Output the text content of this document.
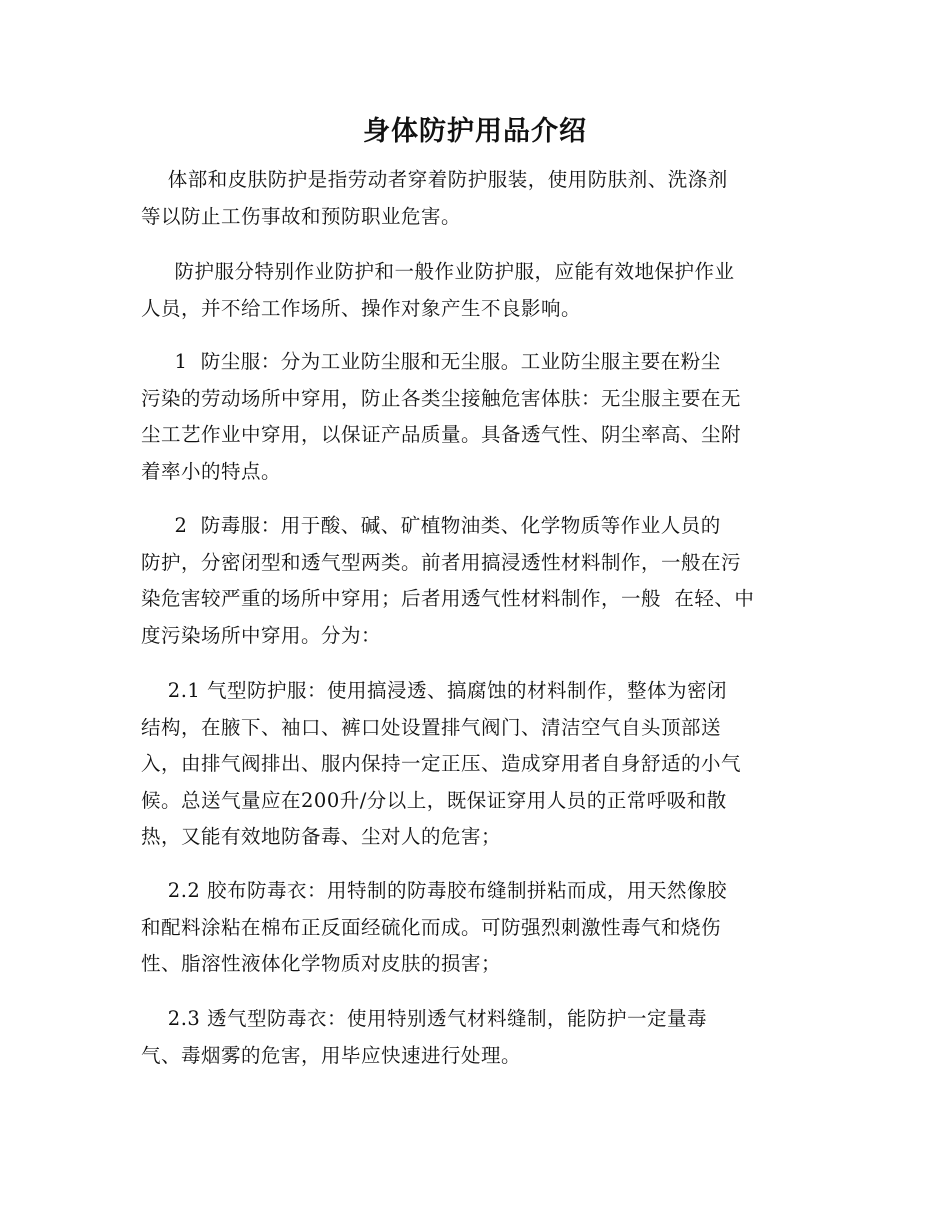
身体防护用品介绍
体部和皮肤防护是指劳动者穿着防护服装，使用防肤剂、洗涤剂
等以防止工伤事故和预防职业危害。
防护服分特别作业防护和一般作业防护服，应能有效地保护作业
人员，并不给工作场所、操作对象产生不良影响。
1  防尘服：分为工业防尘服和无尘服。工业防尘服主要在粉尘
污染的劳动场所中穿用，防止各类尘接触危害体肤：无尘服主要在无
尘工艺作业中穿用，以保证产品质量。具备透气性、阴尘率高、尘附
着率小的特点。
2  防毒服：用于酸、碱、矿植物油类、化学物质等作业人员的
防护，分密闭型和透气型两类。前者用搞浸透性材料制作，一般在污
染危害较严重的场所中穿用；后者用透气性材料制作，一般  在轻、中
度污染场所中穿用。分为：
2.1 气型防护服：使用搞浸透、搞腐蚀的材料制作，整体为密闭
结构，在腋下、袖口、裤口处设置排气阀门、清洁空气自头顶部送
入，由排气阀排出、服内保持一定正压、造成穿用者自身舒适的小气
候。总送气量应在200升/分以上，既保证穿用人员的正常呼吸和散
热，又能有效地防备毒、尘对人的危害；
2.2 胶布防毒衣：用特制的防毒胶布缝制拼粘而成，用天然像胶
和配料涂粘在棉布正反面经硫化而成。可防强烈刺激性毒气和烧伤
性、脂溶性液体化学物质对皮肤的损害；
2.3 透气型防毒衣：使用特别透气材料缝制，能防护一定量毒
气、毒烟雾的危害，用毕应快速进行处理。
